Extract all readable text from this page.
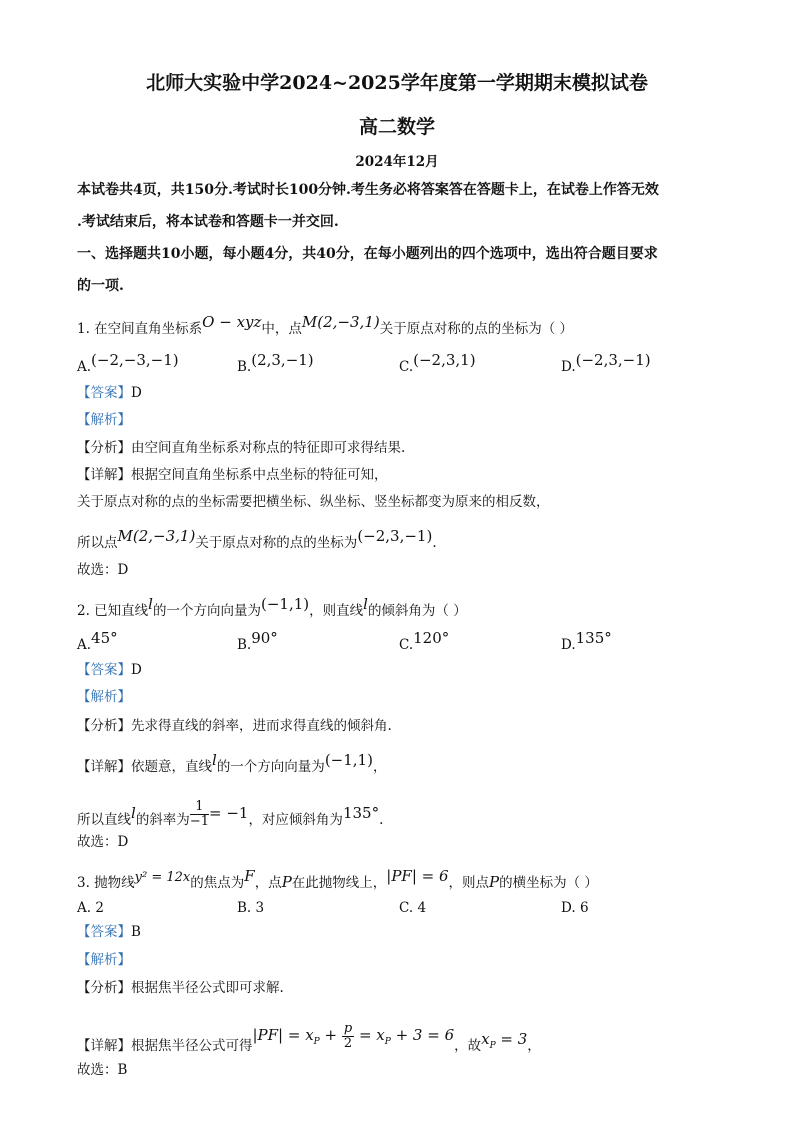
北师大实验中学2024~2025学年度第一学期期末模拟试卷
高二数学
2024年12月
本试卷共4页，共150分.考试时长100分钟.考生务必将答案答在答题卡上，在试卷上作答无效
.考试结束后，将本试卷和答题卡一并交回.
一、选择题共10小题，每小题4分，共40分，在每小题列出的四个选项中，选出符合题目要求
的一项.
1. 在空间直角坐标系O − xyz中，点M(2,−3,1)关于原点对称的点的坐标为（ ）
A.(−2,−3,−1)	B.(2,3,−1)	C.(−2,3,1)	D.(−2,3,−1)
【答案】D
【解析】
【分析】由空间直角坐标系对称点的特征即可求得结果.
【详解】根据空间直角坐标系中点坐标的特征可知，
关于原点对称的点的坐标需要把横坐标、纵坐标、竖坐标都变为原来的相反数，
所以点M(2,−3,1)关于原点对称的点的坐标为(−2,3,−1).
故选：D
2. 已知直线l的一个方向向量为(−1,1)，则直线l的倾斜角为（ ）
A.45°	B.90°	C.120°	D.135°
【答案】D
【解析】
【分析】先求得直线的斜率，进而求得直线的倾斜角.
【详解】依题意，直线l的一个方向向量为(−1,1)，
所以直线l的斜率为 $\frac{1}{-1} = -1$，对应倾斜角为135°.
故选：D
3. 抛物线y² = 12x的焦点为F，点P在此抛物线上，|PF| = 6，则点P的横坐标为（ ）
A. 2	B. 3	C. 4	D. 6
【答案】B
【解析】
【分析】根据焦半径公式即可求解.
【详解】根据焦半径公式可得$|PF| = x_P + \frac{p}{2} = x_P + 3 = 6$，故$x_P = 3$，
故选：B
